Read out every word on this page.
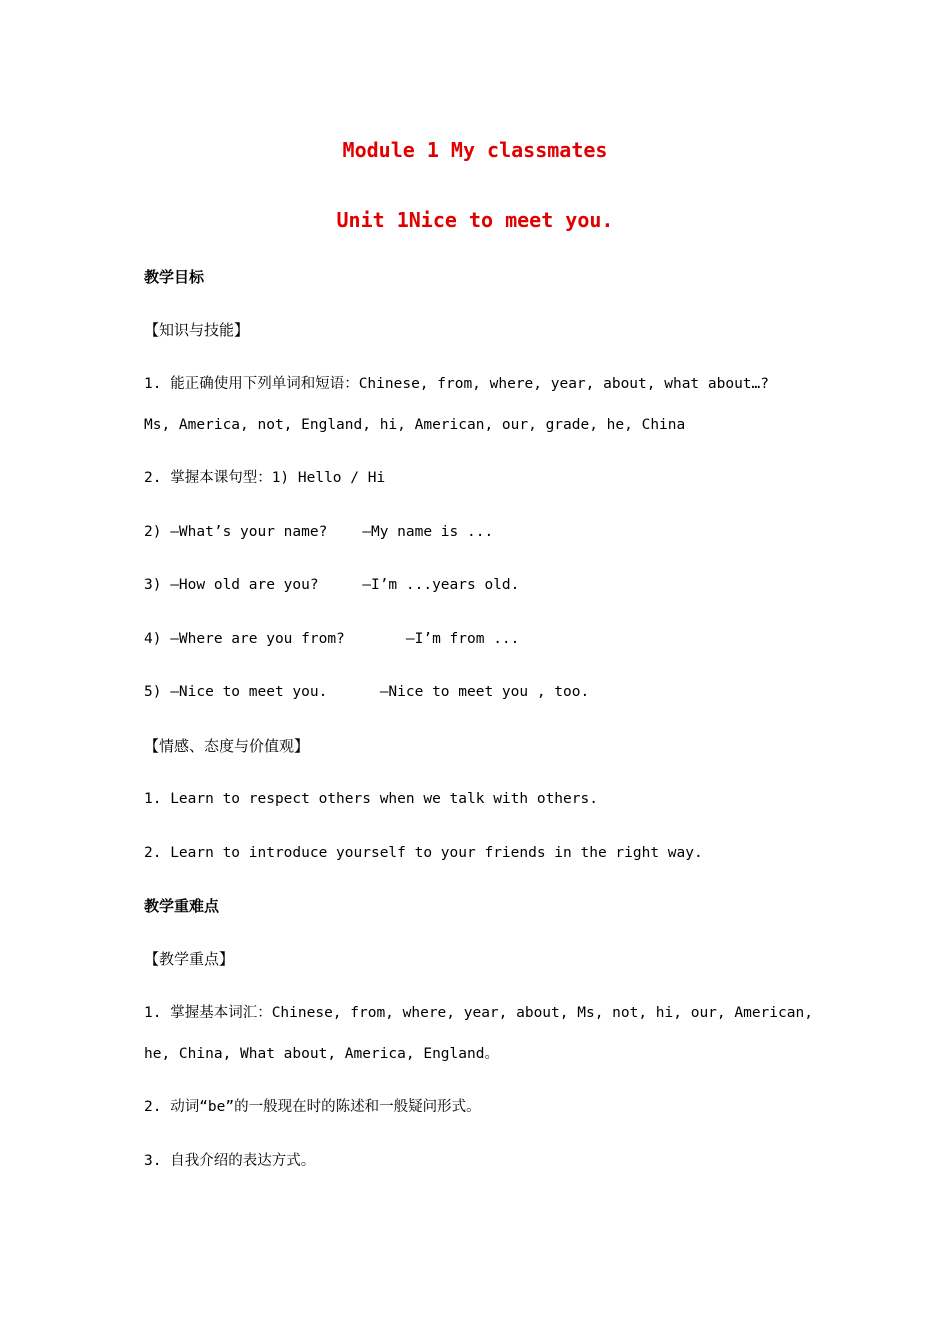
Module 1 My classmates
Unit 1Nice to meet you.
教学目标
【知识与技能】
1. 能正确使用下列单词和短语：Chinese, from, where, year, about, what about…?
Ms, America, not, England, hi, American, our, grade, he, China
2. 掌握本课句型：1) Hello / Hi
2) —What’s your name?    —My name is ...
3) —How old are you?     —I’m ...years old.
4) —Where are you from?       —I’m from ...
5) —Nice to meet you.      —Nice to meet you , too.
【情感、态度与价值观】
1. Learn to respect others when we talk with others.
2. Learn to introduce yourself to your friends in the right way.
教学重难点
【教学重点】
1. 掌握基本词汇：Chinese, from, where, year, about, Ms, not, hi, our, American,
he, China, What about, America, England。
2. 动词“be”的一般现在时的陈述和一般疑问形式。
3. 自我介绍的表达方式。
